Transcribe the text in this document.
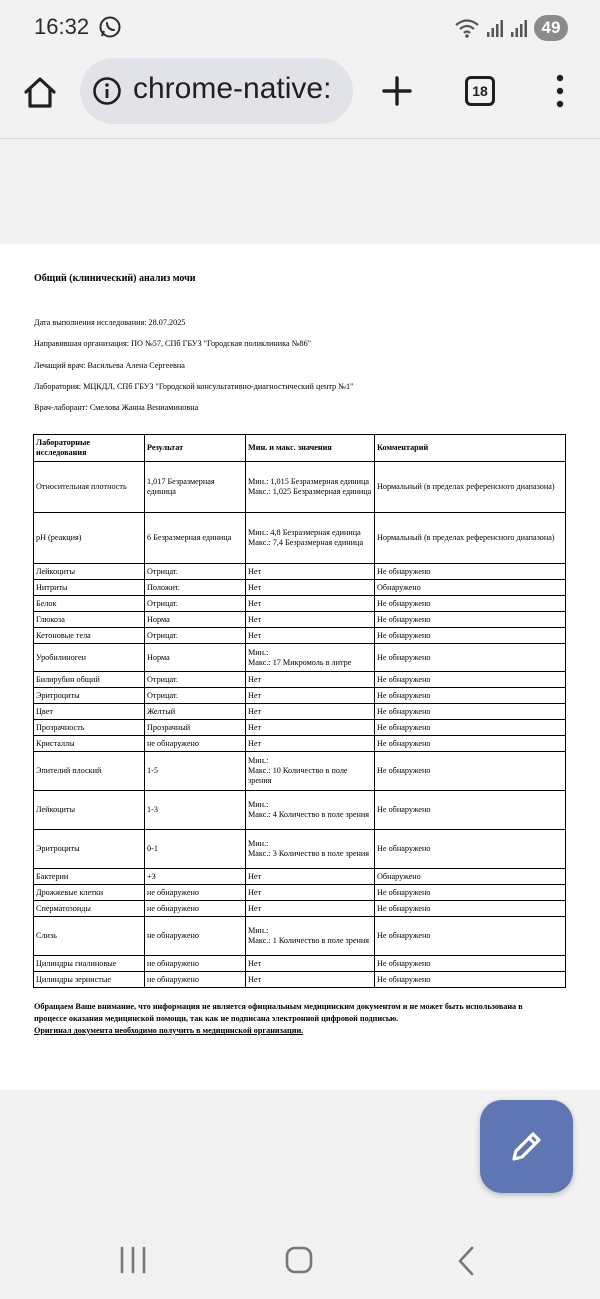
16:32	49
chrome-native:	18
Общий (клинический) анализ мочи
Дата выполнения исследования: 28.07.2025
Направившая организация: ПО №57, СПб ГБУЗ "Городская поликлиника №86"
Лечащий врач: Васильева Алена Сергеевна
Лаборатория: МЦКДЛ, СПб ГБУЗ "Городской консультативно-диагностический центр №1"
Врач-лаборант: Смелова Жанна Вениаминовна
Лабораторные исследования	Результат	Мин. и макс. значения	Комментарий
Относительная плотность	1,017 Безразмерная единица	Мин.: 1,015 Безразмерная единица
Макс.: 1,025 Безразмерная единица	Нормальный (в пределах референсного диапазона)
pH (реакция)	6 Безразмерная единица	Мин.: 4,8 Безразмерная единица
Макс.: 7,4 Безразмерная единица	Нормальный (в пределах референсного диапазона)
Лейкоциты	Отрицат.	Нет	Не обнаружено
Нитриты	Положит.	Нет	Обнаружено
Белок	Отрицат.	Нет	Не обнаружено
Глюкоза	Норма	Нет	Не обнаружено
Кетоновые тела	Отрицат.	Нет	Не обнаружено
Уробилиноген	Норма	Мин.:
Макс.: 17 Микромоль в литре	Не обнаружено
Билирубин общий	Отрицат.	Нет	Не обнаружено
Эритроциты	Отрицат.	Нет	Не обнаружено
Цвет	Желтый	Нет	Не обнаружено
Прозрачность	Прозрачный	Нет	Не обнаружено
Кристаллы	не обнаружено	Нет	Не обнаружено
Эпителий плоский	1-5	Мин.:
Макс.: 10 Количество в поле зрения	Не обнаружено
Лейкоциты	1-3	Мин.:
Макс.: 4 Количество в поле зрения	Не обнаружено
Эритроциты	0-1	Мин.:
Макс.: 3 Количество в поле зрения	Не обнаружено
Бактерии	+3	Нет	Обнаружено
Дрожжевые клетки	не обнаружено	Нет	Не обнаружено
Сперматозоиды	не обнаружено	Нет	Не обнаружено
Слизь	не обнаружено	Мин.:
Макс.: 1 Количество в поле зрения	Не обнаружено
Цилиндры гиалиновые	не обнаружено	Нет	Не обнаружено
Цилиндры зернистые	не обнаружено	Нет	Не обнаружено
Обращаем Ваше внимание, что информация не является официальным медицинским документом и не может быть использована в процессе оказания медицинской помощи, так как не подписана электронной цифровой подписью.
Оригинал документа необходимо получить в медицинской организации.
